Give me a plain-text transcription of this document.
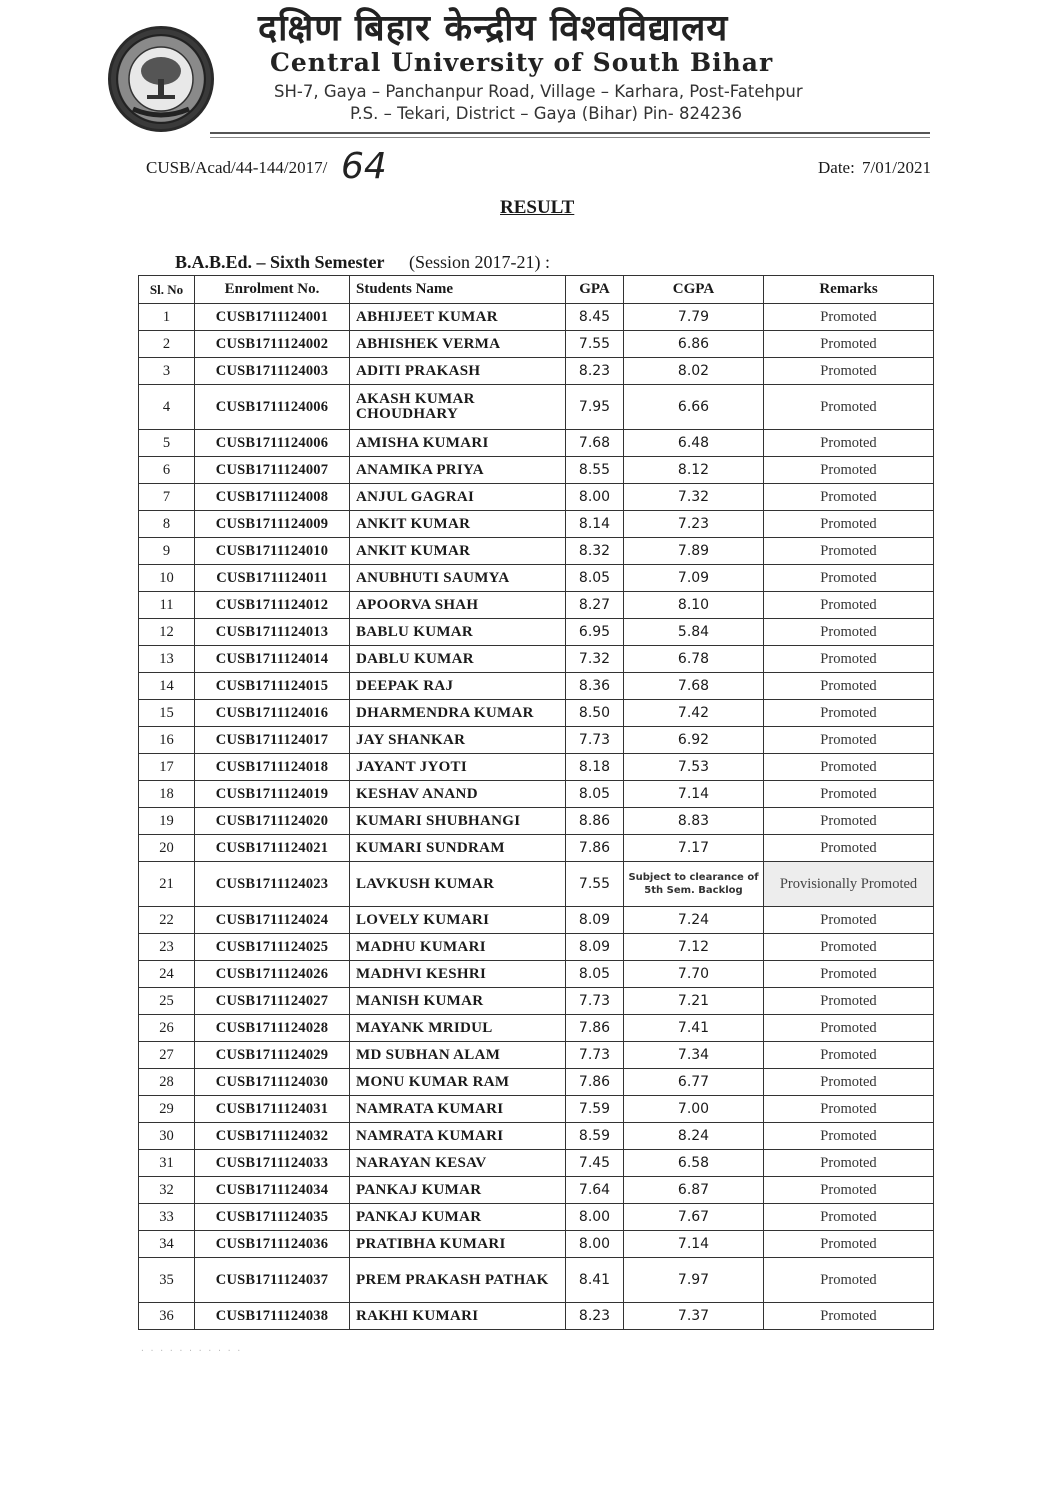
दक्षिण बिहार केन्द्रीय विश्वविद्यालय
Central University of South Bihar
SH-7, Gaya – Panchanpur Road, Village – Karhara, Post-Fatehpur
P.S. – Tekari, District – Gaya (Bihar) Pin- 824236
CUSB/Acad/44-144/2017/ 64	Date: 7/01/2021
RESULT
B.A.B.Ed. – Sixth Semester (Session 2017-21) :
Sl. No	Enrolment No.	Students Name	GPA	CGPA	Remarks
1	CUSB1711124001	ABHIJEET KUMAR	8.45	7.79	Promoted
2	CUSB1711124002	ABHISHEK VERMA	7.55	6.86	Promoted
3	CUSB1711124003	ADITI PRAKASH	8.23	8.02	Promoted
4	CUSB1711124006	AKASH KUMAR CHOUDHARY	7.95	6.66	Promoted
5	CUSB1711124006	AMISHA KUMARI	7.68	6.48	Promoted
6	CUSB1711124007	ANAMIKA PRIYA	8.55	8.12	Promoted
7	CUSB1711124008	ANJUL GAGRAI	8.00	7.32	Promoted
8	CUSB1711124009	ANKIT KUMAR	8.14	7.23	Promoted
9	CUSB1711124010	ANKIT KUMAR	8.32	7.89	Promoted
10	CUSB1711124011	ANUBHUTI SAUMYA	8.05	7.09	Promoted
11	CUSB1711124012	APOORVA SHAH	8.27	8.10	Promoted
12	CUSB1711124013	BABLU KUMAR	6.95	5.84	Promoted
13	CUSB1711124014	DABLU KUMAR	7.32	6.78	Promoted
14	CUSB1711124015	DEEPAK RAJ	8.36	7.68	Promoted
15	CUSB1711124016	DHARMENDRA KUMAR	8.50	7.42	Promoted
16	CUSB1711124017	JAY SHANKAR	7.73	6.92	Promoted
17	CUSB1711124018	JAYANT JYOTI	8.18	7.53	Promoted
18	CUSB1711124019	KESHAV ANAND	8.05	7.14	Promoted
19	CUSB1711124020	KUMARI SHUBHANGI	8.86	8.83	Promoted
20	CUSB1711124021	KUMARI SUNDRAM	7.86	7.17	Promoted
21	CUSB1711124023	LAVKUSH KUMAR	7.55	Subject to clearance of 5th Sem. Backlog	Provisionally Promoted
22	CUSB1711124024	LOVELY KUMARI	8.09	7.24	Promoted
23	CUSB1711124025	MADHU KUMARI	8.09	7.12	Promoted
24	CUSB1711124026	MADHVI KESHRI	8.05	7.70	Promoted
25	CUSB1711124027	MANISH KUMAR	7.73	7.21	Promoted
26	CUSB1711124028	MAYANK MRIDUL	7.86	7.41	Promoted
27	CUSB1711124029	MD SUBHAN ALAM	7.73	7.34	Promoted
28	CUSB1711124030	MONU KUMAR RAM	7.86	6.77	Promoted
29	CUSB1711124031	NAMRATA KUMARI	7.59	7.00	Promoted
30	CUSB1711124032	NAMRATA KUMARI	8.59	8.24	Promoted
31	CUSB1711124033	NARAYAN KESAV	7.45	6.58	Promoted
32	CUSB1711124034	PANKAJ KUMAR	7.64	6.87	Promoted
33	CUSB1711124035	PANKAJ KUMAR	8.00	7.67	Promoted
34	CUSB1711124036	PRATIBHA KUMARI	8.00	7.14	Promoted
35	CUSB1711124037	PREM PRAKASH PATHAK	8.41	7.97	Promoted
36	CUSB1711124038	RAKHI KUMARI	8.23	7.37	Promoted
· · · · · · · · · · ·
